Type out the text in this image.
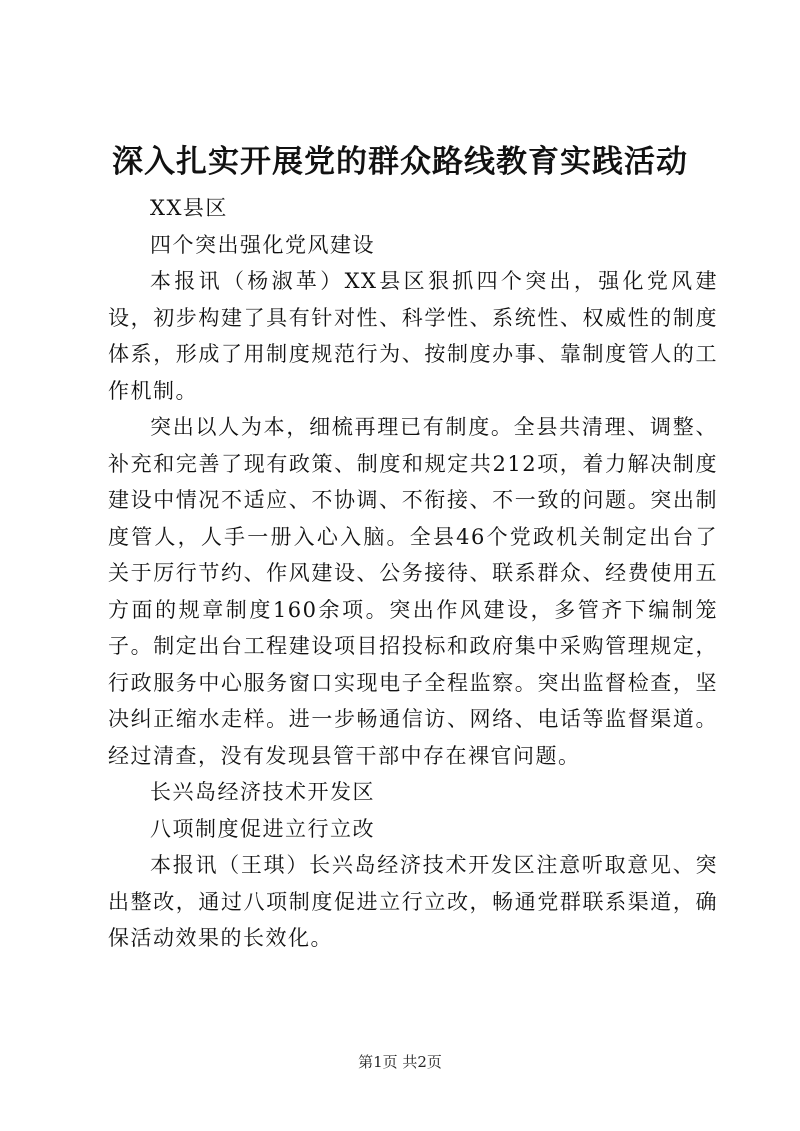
深入扎实开展党的群众路线教育实践活动

XX县区

四个突出强化党风建设

本报讯（杨淑革）XX县区狠抓四个突出，强化党风建设，初步构建了具有针对性、科学性、系统性、权威性的制度体系，形成了用制度规范行为、按制度办事、靠制度管人的工作机制。

突出以人为本，细梳再理已有制度。全县共清理、调整、补充和完善了现有政策、制度和规定共212项，着力解决制度建设中情况不适应、不协调、不衔接、不一致的问题。突出制度管人，人手一册入心入脑。全县46个党政机关制定出台了关于厉行节约、作风建设、公务接待、联系群众、经费使用五方面的规章制度160余项。突出作风建设，多管齐下编制笼子。制定出台工程建设项目招投标和政府集中采购管理规定，行政服务中心服务窗口实现电子全程监察。突出监督检查，坚决纠正缩水走样。进一步畅通信访、网络、电话等监督渠道。经过清查，没有发现县管干部中存在裸官问题。

长兴岛经济技术开发区

八项制度促进立行立改

本报讯（王琪）长兴岛经济技术开发区注意听取意见、突出整改，通过八项制度促进立行立改，畅通党群联系渠道，确保活动效果的长效化。

第1页 共2页
